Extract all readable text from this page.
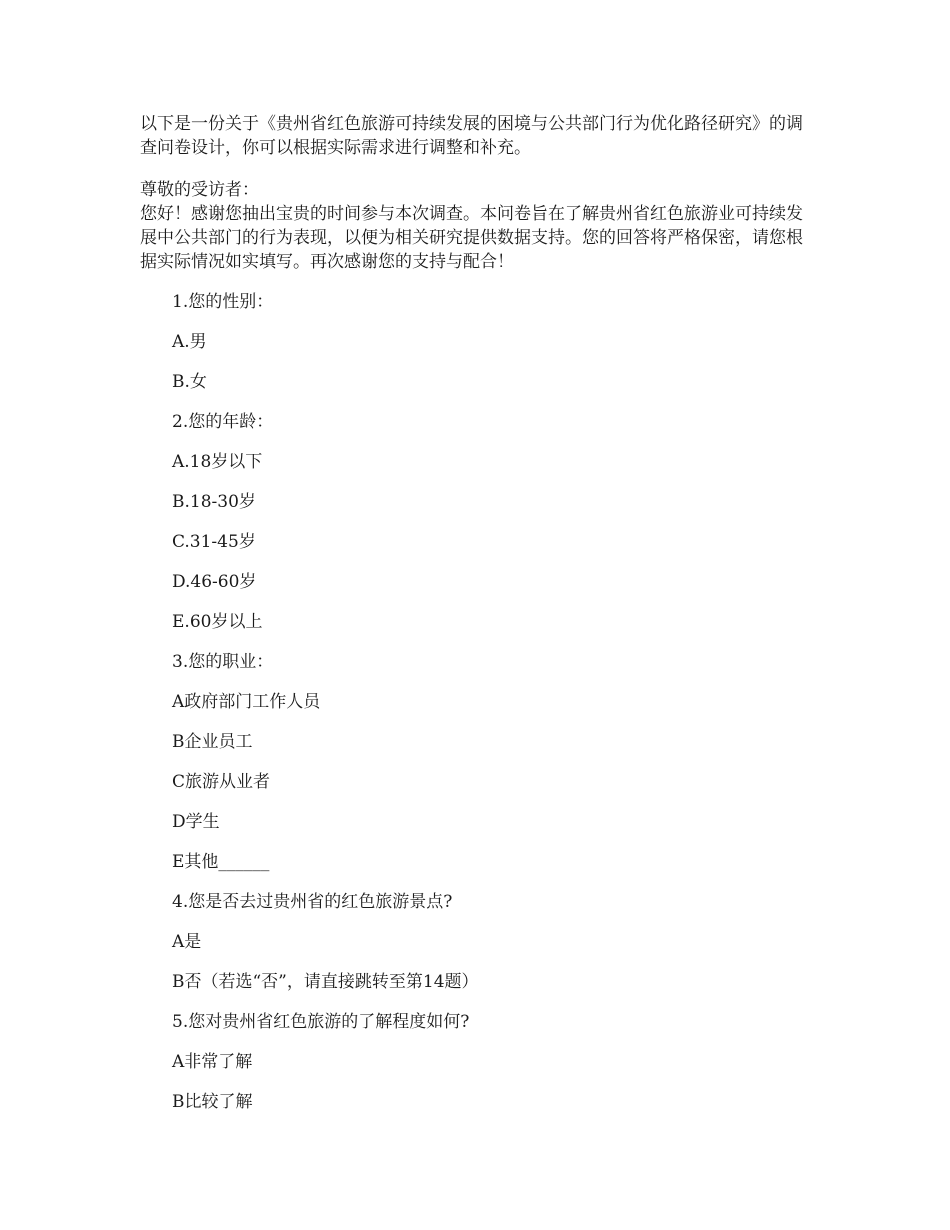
以下是一份关于《贵州省红色旅游可持续发展的困境与公共部门行为优化路径研究》的调查问卷设计，你可以根据实际需求进行调整和补充。

尊敬的受访者：

您好！感谢您抽出宝贵的时间参与本次调查。本问卷旨在了解贵州省红色旅游业可持续发展中公共部门的行为表现，以便为相关研究提供数据支持。您的回答将严格保密，请您根据实际情况如实填写。再次感谢您的支持与配合！

1.您的性别：

A.男

B.女

2.您的年龄：

A.18岁以下

B.18-30岁

C.31-45岁

D.46-60岁

E.60岁以上

3.您的职业：

A政府部门工作人员

B企业员工

C旅游从业者

D学生

E其他______

4.您是否去过贵州省的红色旅游景点?

A是

B否（若选“否”，请直接跳转至第14题）

5.您对贵州省红色旅游的了解程度如何?

A非常了解

B比较了解
